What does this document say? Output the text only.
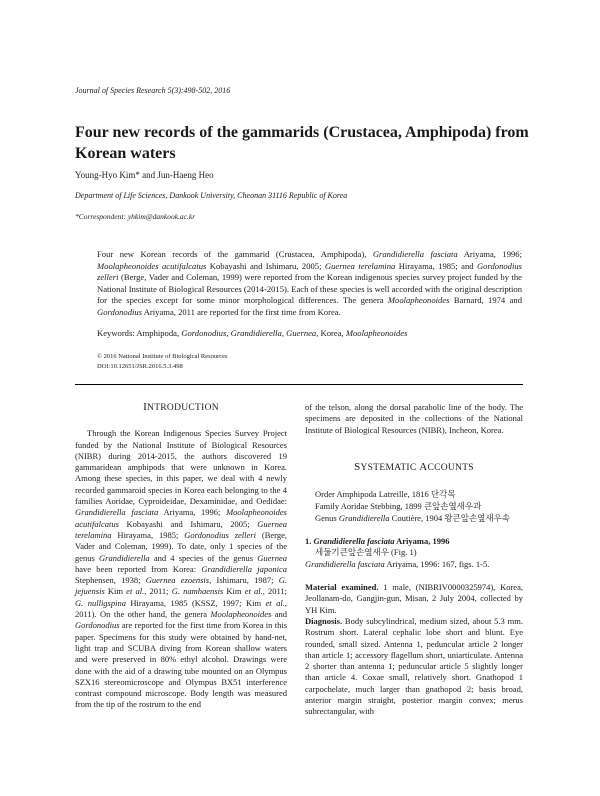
Journal of Species Research 5(3):498-502, 2016
Four new records of the gammarids (Crustacea, Amphipoda) from Korean waters
Young-Hyo Kim* and Jun-Haeng Heo
Department of Life Sciences, Dankook University, Cheonan 31116 Republic of Korea
*Correspondent: yhkim@dankook.ac.kr
Four new Korean records of the gammarid (Crustacea, Amphipoda), Grandidierella fasciata Ariyama, 1996; Moolapheonoides acutifalcatus Kobayashi and Ishimaru, 2005; Guernea terelamina Hirayama, 1985; and Gordonodius zelleri (Berge, Vader and Coleman, 1999) were reported from the Korean indigenous species survey project funded by the National Institute of Biological Resources (2014-2015). Each of these species is well accorded with the original description for the species except for some minor morphological differences. The genera Moolapheonoides Barnard, 1974 and Gordonodius Ariyama, 2011 are reported for the first time from Korea.
Keywords: Amphipoda, Gordonodius, Grandidierella, Guernea, Korea, Moolapheonoides
© 2016 National Institute of Biological Resources
DOI:10.12651/JSR.2016.5.3.498
INTRODUCTION

Through the Korean Indigenous Species Survey Project funded by the National Institute of Biological Resources (NIBR) during 2014-2015, the authors discovered 19 gammaridean amphipods that were unknown in Korea. Among these species, in this paper, we deal with 4 newly recorded gammaroid species in Korea each belonging to the 4 families Aoridae, Cyproideidae, Dexaminidae, and Oedidae: Grandidierella fasciata Ariyama, 1996; Moolapheonoides acutifalcatus Kobayashi and Ishimaru, 2005; Guernea terelamina Hirayama, 1985; Gordonodius zelleri (Berge, Vader and Coleman, 1999). To date, only 1 species of the genus Grandidierella and 4 species of the genus Guernea have been reported from Korea: Grandidierella japonica Stephensen, 1938; Guernea ezoensis, Ishimaru, 1987; G. jejuensis Kim et al., 2011; G. namhaensis Kim et al., 2011; G. nulligspina Hirayama, 1985 (KSSZ, 1997; Kim et al., 2011). On the other hand, the genera Moolapheonoides and Gordonodius are reported for the first time from Korea in this paper. Specimens for this study were obtained by hand-net, light trap and SCUBA diving from Korean shallow waters and were preserved in 80% ethyl alcohol. Drawings were done with the aid of a drawing tube mounted on an Olympus SZX16 stereomicroscope and Olympus BX51 interference contrast compound microscope. Body length was measured from the tip of the rostrum to the end

of the telson, along the dorsal parabolic line of the body. The specimens are deposited in the collections of the National Institute of Biological Resources (NIBR), Incheon, Korea.

SYSTEMATIC ACCOUNTS
Order Amphipoda Latreille, 1816 단각목
Family Aoridae Stebbing, 1899 큰앞손옆새우과
Genus Grandidierella Coutière, 1904 왕큰앞손옆새우속
1. Grandidierella fasciata Ariyama, 1996
세둘기큰앞손옆새우 (Fig. 1)
Grandidierella fasciata Ariyama, 1996: 167, figs. 1-5.

Material examined. 1 male, (NIBRIV0000325974), Korea, Jeollanam-do, Gangjin-gun, Misan, 2 July 2004, collected by YH Kim.

Diagnosis. Body subcylindrical, medium sized, about 5.3 mm. Rostrum short. Lateral cephalic lobe short and blunt. Eye rounded, small sized. Antenna 1, peduncular article 2 longer than article 1; accessory flagellum short, uniarticulate. Antenna 2 shorter than antenna 1; peduncular article 5 slightly longer than article 4. Coxae small, relatively short. Gnathopod 1 carpochelate, much larger than gnathopod 2; basis broad, anterior margin straight, posterior margin convex; merus subrectangular, with
